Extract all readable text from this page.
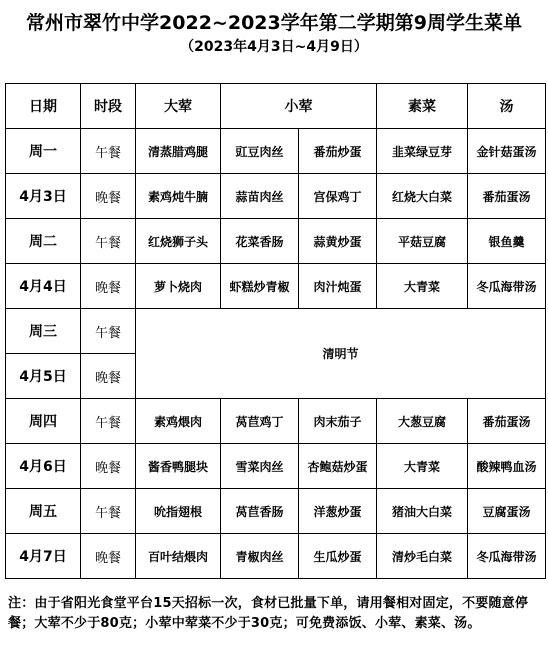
常州市翠竹中学2022~2023学年第二学期第9周学生菜单
（2023年4月3日~4月9日）
日期	时段	大荤	小荤		素菜	汤
周一	午餐	清蒸腊鸡腿	豇豆肉丝	番茄炒蛋	韭菜绿豆芽	金针菇蛋汤
4月3日	晚餐	素鸡炖牛腩	蒜苗肉丝	宫保鸡丁	红烧大白菜	番茄蛋汤
周二	午餐	红烧狮子头	花菜香肠	蒜黄炒蛋	平菇豆腐	银鱼羹
4月4日	晚餐	萝卜烧肉	虾糕炒青椒	肉汁炖蛋	大青菜	冬瓜海带汤
周三	午餐	清明节				
4月5日	晚餐					
周四	午餐	素鸡煨肉	莴苣鸡丁	肉末茄子	大葱豆腐	番茄蛋汤
4月6日	晚餐	酱香鸭腿块	雪菜肉丝	杏鲍菇炒蛋	大青菜	酸辣鸭血汤
周五	午餐	吮指翅根	莴苣香肠	洋葱炒蛋	猪油大白菜	豆腐蛋汤
4月7日	晚餐	百叶结煨肉	青椒肉丝	生瓜炒蛋	清炒毛白菜	冬瓜海带汤
注：由于省阳光食堂平台15天招标一次，食材已批量下单，请用餐相对固定，不要随意停餐；大荤不少于80克；小荤中荤菜不少于30克；可免费添饭、小荤、素菜、汤。
